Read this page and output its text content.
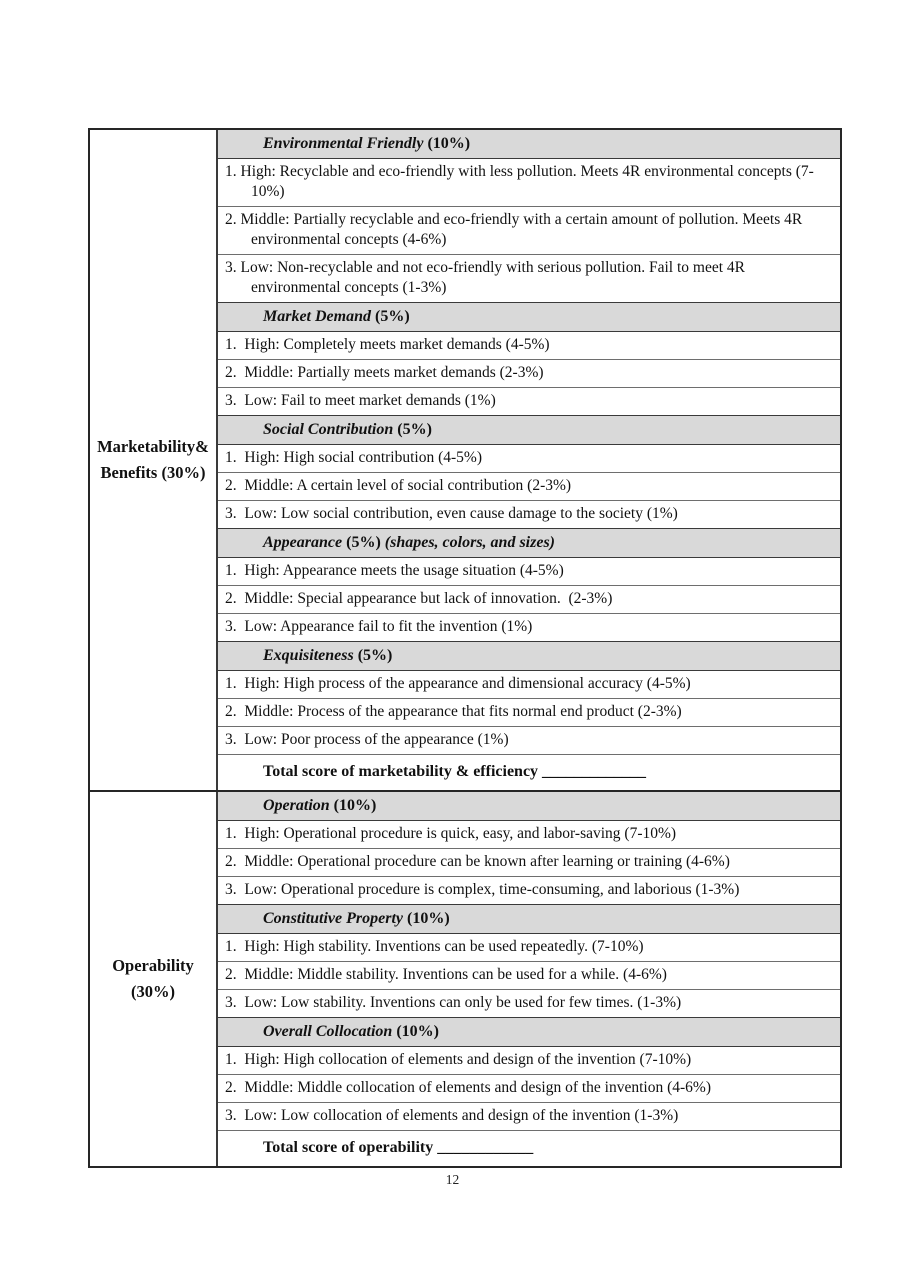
Marketability&
Benefits (30%)
Environmental Friendly (10%)
1. High: Recyclable and eco-friendly with less pollution. Meets 4R environmental concepts (7-10%)
2. Middle: Partially recyclable and eco-friendly with a certain amount of pollution. Meets 4R environmental concepts (4-6%)
3. Low: Non-recyclable and not eco-friendly with serious pollution. Fail to meet 4R environmental concepts (1-3%)
Market Demand (5%)
1.  High: Completely meets market demands (4-5%)
2.  Middle: Partially meets market demands (2-3%)
3.  Low: Fail to meet market demands (1%)
Social Contribution (5%)
1.  High: High social contribution (4-5%)
2.  Middle: A certain level of social contribution (2-3%)
3.  Low: Low social contribution, even cause damage to the society (1%)
Appearance (5%) (shapes, colors, and sizes)
1.  High: Appearance meets the usage situation (4-5%)
2.  Middle: Special appearance but lack of innovation.  (2-3%)
3.  Low: Appearance fail to fit the invention (1%)
Exquisiteness (5%)
1.  High: High process of the appearance and dimensional accuracy (4-5%)
2.  Middle: Process of the appearance that fits normal end product (2-3%)
3.  Low: Poor process of the appearance (1%)
Total score of marketability & efficiency _____________
Operability
(30%)
Operation (10%)
1.  High: Operational procedure is quick, easy, and labor-saving (7-10%)
2.  Middle: Operational procedure can be known after learning or training (4-6%)
3.  Low: Operational procedure is complex, time-consuming, and laborious (1-3%)
Constitutive Property (10%)
1.  High: High stability. Inventions can be used repeatedly. (7-10%)
2.  Middle: Middle stability. Inventions can be used for a while. (4-6%)
3.  Low: Low stability. Inventions can only be used for few times. (1-3%)
Overall Collocation (10%)
1.  High: High collocation of elements and design of the invention (7-10%)
2.  Middle: Middle collocation of elements and design of the invention (4-6%)
3.  Low: Low collocation of elements and design of the invention (1-3%)
Total score of operability ____________
12
